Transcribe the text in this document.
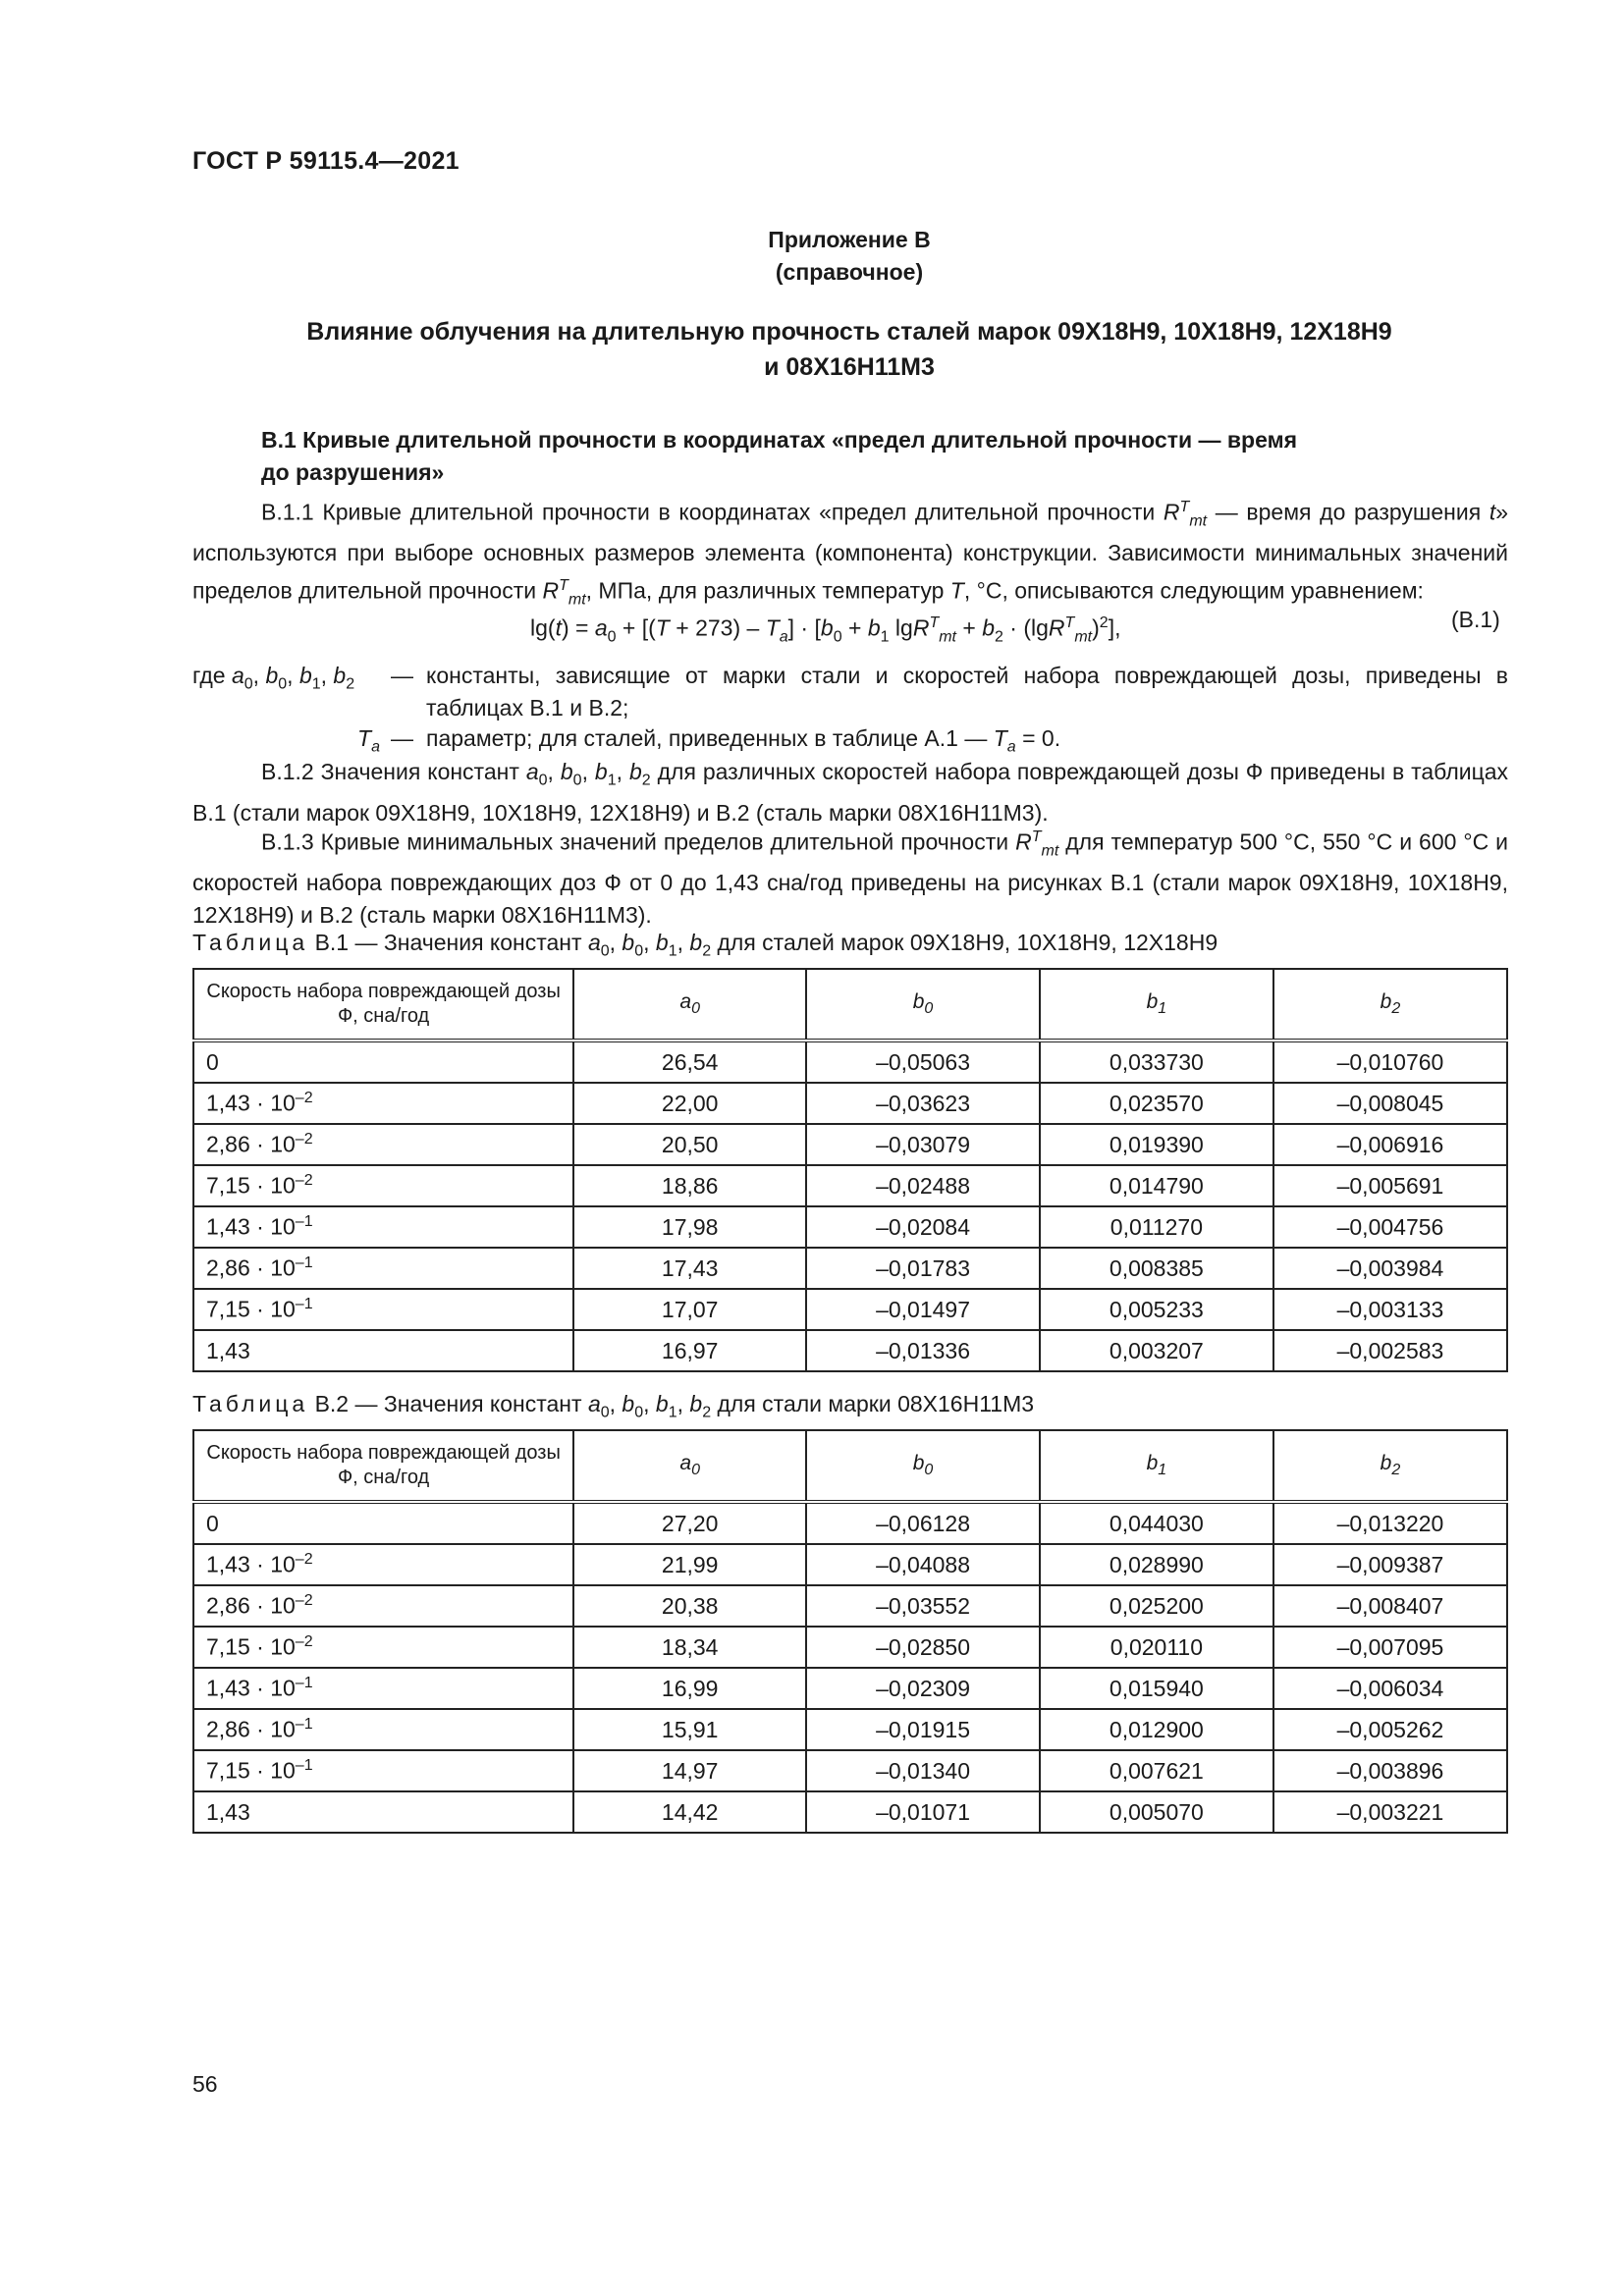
ГОСТ Р 59115.4—2021
Приложение В
(справочное)
Влияние облучения на длительную прочность сталей марок 09Х18Н9, 10Х18Н9, 12Х18Н9
и 08Х16Н11М3
В.1 Кривые длительной прочности в координатах «предел длительной прочности — время
до разрушения»
В.1.1 Кривые длительной прочности в координатах «предел длительной прочности $R^T_{mt}$ — время до разрушения t» используются при выборе основных размеров элемента (компонента) конструкции. Зависимости минимальных значений пределов длительной прочности $R^T_{mt}$, МПа, для различных температур T, °С, описываются следующим уравнением:
$\lg(t) = a_0 + [(T + 273) - T_a] \cdot [b_0 + b_1$ $\lg R^T_{mt} + b_2 \cdot (\lg R^T_{mt})^2$],	(В.1)
где $a_0$, $b_0$, $b_1$, $b_2$ — константы, зависящие от марки стали и скоростей набора повреждающей дозы, приведены в таблицах В.1 и В.2;
$T_a$ — параметр; для сталей, приведенных в таблице А.1 — $T_a = 0$.
В.1.2 Значения констант $a_0$, $b_0$, $b_1$, $b_2$ для различных скоростей набора повреждающей дозы Ф приведены в таблицах В.1 (стали марок 09Х18Н9, 10Х18Н9, 12Х18Н9) и В.2 (сталь марки 08Х16Н11М3).
В.1.3 Кривые минимальных значений пределов длительной прочности $R^T_{mt}$ для температур 500 °С, 550 °С и 600 °С и скоростей набора повреждающих доз Ф от 0 до 1,43 сна/год приведены на рисунках В.1 (стали марок 09Х18Н9, 10Х18Н9, 12Х18Н9) и В.2 (сталь марки 08Х16Н11М3).
Таблица В.1 — Значения констант $a_0$, $b_0$, $b_1$, $b_2$ для сталей марок 09Х18Н9, 10Х18Н9, 12Х18Н9
Скорость набора повреждающей дозы Ф, сна/год	$a_0$	$b_0$	$b_1$	$b_2$
0	26,54	–0,05063	0,033730	–0,010760
$1,43 \cdot 10^{-2}$	22,00	–0,03623	0,023570	–0,008045
$2,86 \cdot 10^{-2}$	20,50	–0,03079	0,019390	–0,006916
$7,15 \cdot 10^{-2}$	18,86	–0,02488	0,014790	–0,005691
$1,43 \cdot 10^{-1}$	17,98	–0,02084	0,011270	–0,004756
$2,86 \cdot 10^{-1}$	17,43	–0,01783	0,008385	–0,003984
$7,15 \cdot 10^{-1}$	17,07	–0,01497	0,005233	–0,003133
1,43	16,97	–0,01336	0,003207	–0,002583
Таблица В.2 — Значения констант $a_0$, $b_0$, $b_1$, $b_2$ для стали марки 08Х16Н11М3
Скорость набора повреждающей дозы Ф, сна/год	$a_0$	$b_0$	$b_1$	$b_2$
0	27,20	–0,06128	0,044030	–0,013220
$1,43 \cdot 10^{-2}$	21,99	–0,04088	0,028990	–0,009387
$2,86 \cdot 10^{-2}$	20,38	–0,03552	0,025200	–0,008407
$7,15 \cdot 10^{-2}$	18,34	–0,02850	0,020110	–0,007095
$1,43 \cdot 10^{-1}$	16,99	–0,02309	0,015940	–0,006034
$2,86 \cdot 10^{-1}$	15,91	–0,01915	0,012900	–0,005262
$7,15 \cdot 10^{-1}$	14,97	–0,01340	0,007621	–0,003896
1,43	14,42	–0,01071	0,005070	–0,003221
56
